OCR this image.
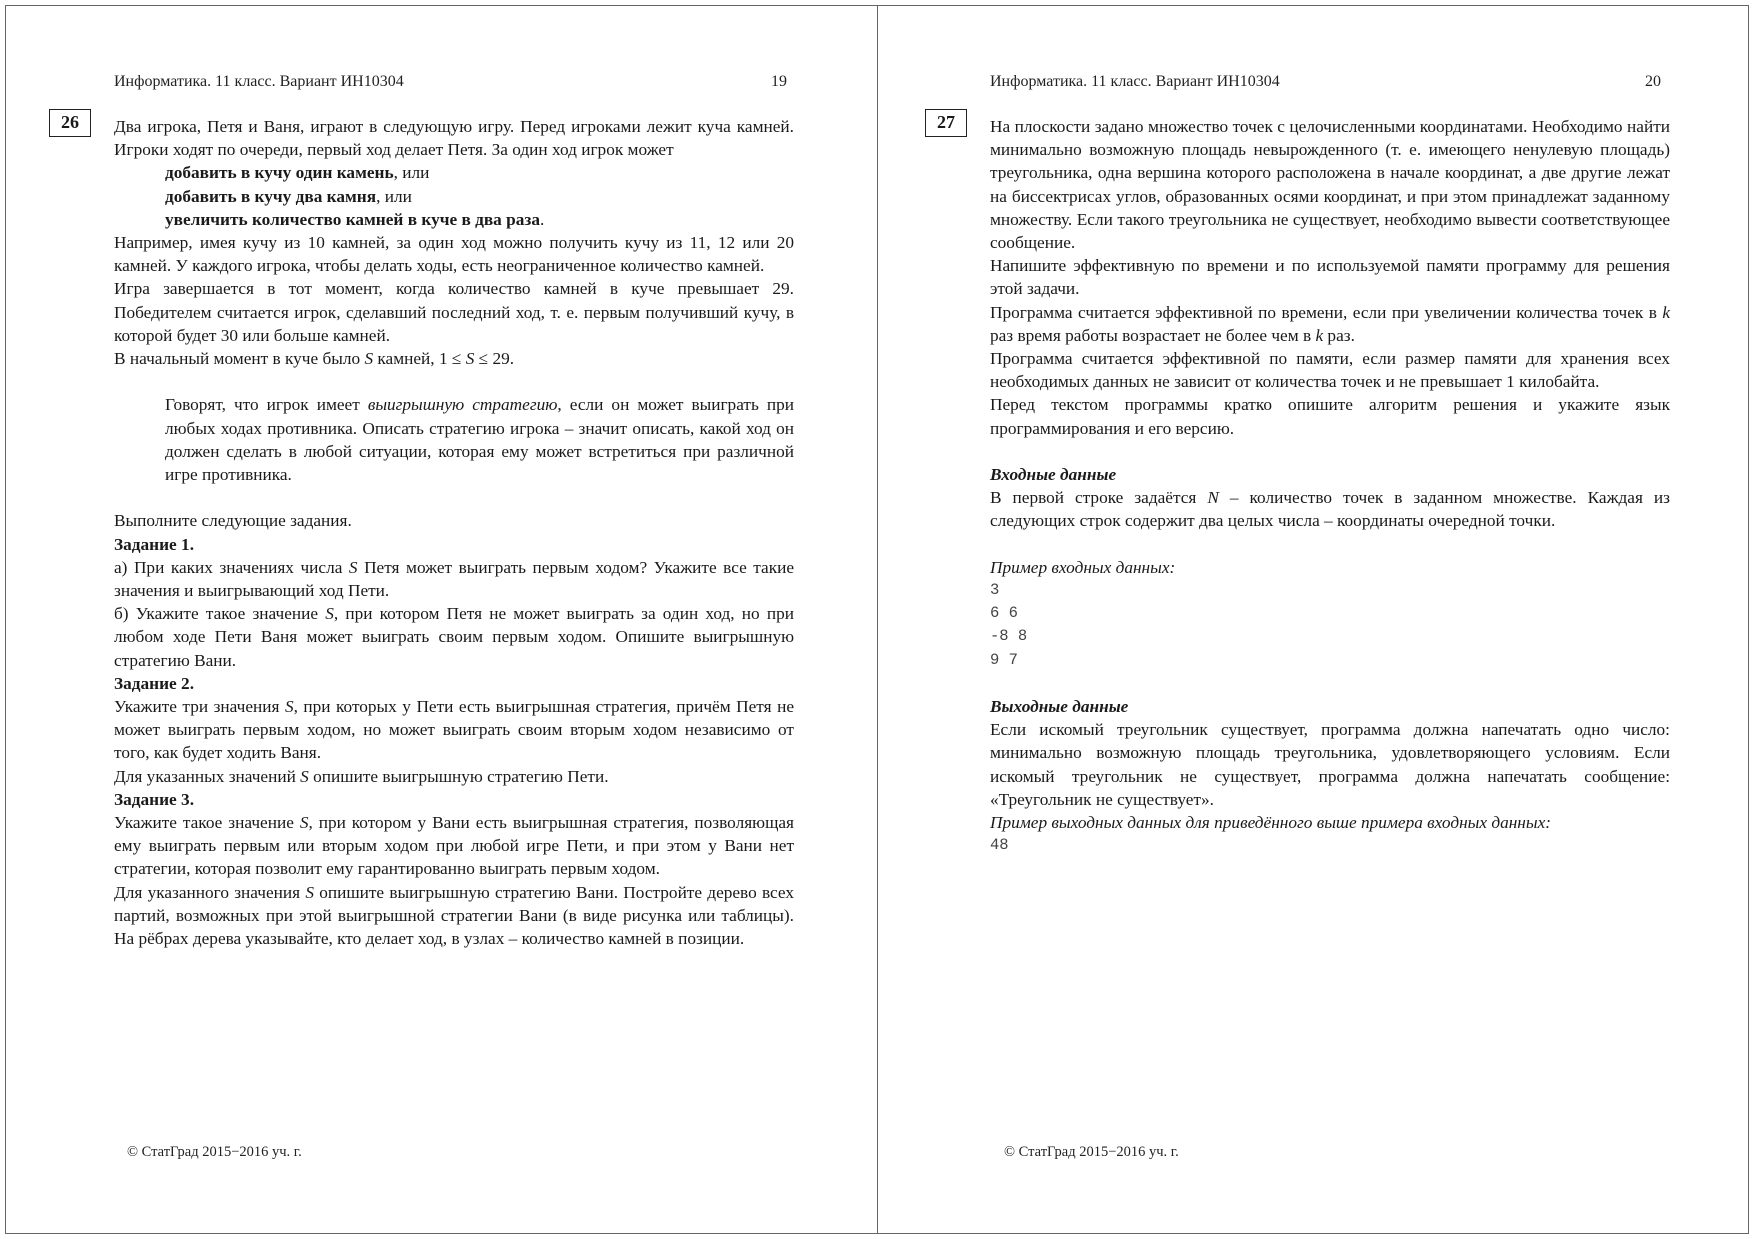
Информатика. 11 класс. Вариант ИН10304	19
26	Два игрока, Петя и Ваня, играют в следующую игру. Перед игроками лежит куча камней. Игроки ходят по очереди, первый ход делает Петя. За один ход игрок может

добавить в кучу один камень, или

добавить в кучу два камня, или

увеличить количество камней в куче в два раза.

Например, имея кучу из 10 камней, за один ход можно получить кучу из 11, 12 или 20 камней. У каждого игрока, чтобы делать ходы, есть неограниченное количество камней.

Игра завершается в тот момент, когда количество камней в куче превышает 29. Победителем считается игрок, сделавший последний ход, т. е. первым получивший кучу, в которой будет 30 или больше камней.

В начальный момент в куче было S камней, 1 ≤ S ≤ 29.

Говорят, что игрок имеет выигрышную стратегию, если он может выиграть при любых ходах противника. Описать стратегию игрока – значит описать, какой ход он должен сделать в любой ситуации, которая ему может встретиться при различной игре противника.

Выполните следующие задания.

Задание 1.

а) При каких значениях числа S Петя может выиграть первым ходом? Укажите все такие значения и выигрывающий ход Пети.

б) Укажите такое значение S, при котором Петя не может выиграть за один ход, но при любом ходе Пети Ваня может выиграть своим первым ходом. Опишите выигрышную стратегию Вани.

Задание 2.

Укажите три значения S, при которых у Пети есть выигрышная стратегия, причём Петя не может выиграть первым ходом, но может выиграть своим вторым ходом независимо от того, как будет ходить Ваня.

Для указанных значений S опишите выигрышную стратегию Пети.

Задание 3.

Укажите такое значение S, при котором у Вани есть выигрышная стратегия, позволяющая ему выиграть первым или вторым ходом при любой игре Пети, и при этом у Вани нет стратегии, которая позволит ему гарантированно выиграть первым ходом.

Для указанного значения S опишите выигрышную стратегию Вани. Постройте дерево всех партий, возможных при этой выигрышной стратегии Вани (в виде рисунка или таблицы). На рёбрах дерева указывайте, кто делает ход, в узлах – количество камней в позиции.

© СтатГрад 2015−2016 уч. г.
Информатика. 11 класс. Вариант ИН10304	20
27	На плоскости задано множество точек с целочисленными координатами. Необходимо найти минимально возможную площадь невырожденного (т. е. имеющего ненулевую площадь) треугольника, одна вершина которого расположена в начале координат, а две другие лежат на биссектрисах углов, образованных осями координат, и при этом принадлежат заданному множеству. Если такого треугольника не существует, необходимо вывести соответствующее сообщение.

Напишите эффективную по времени и по используемой памяти программу для решения этой задачи.

Программа считается эффективной по времени, если при увеличении количества точек в k раз время работы возрастает не более чем в k раз.

Программа считается эффективной по памяти, если размер памяти для хранения всех необходимых данных не зависит от количества точек и не превышает 1 килобайта.

Перед текстом программы кратко опишите алгоритм решения и укажите язык программирования и его версию.

Входные данные

В первой строке задаётся N – количество точек в заданном множестве. Каждая из следующих строк содержит два целых числа – координаты очередной точки.

Пример входных данных:

3

6 6

-8 8

9 7

Выходные данные

Если искомый треугольник существует, программа должна напечатать одно число: минимально возможную площадь треугольника, удовлетворяющего условиям. Если искомый треугольник не существует, программа должна напечатать сообщение: «Треугольник не существует».

Пример выходных данных для приведённого выше примера входных данных:

48

© СтатГрад 2015−2016 уч. г.
